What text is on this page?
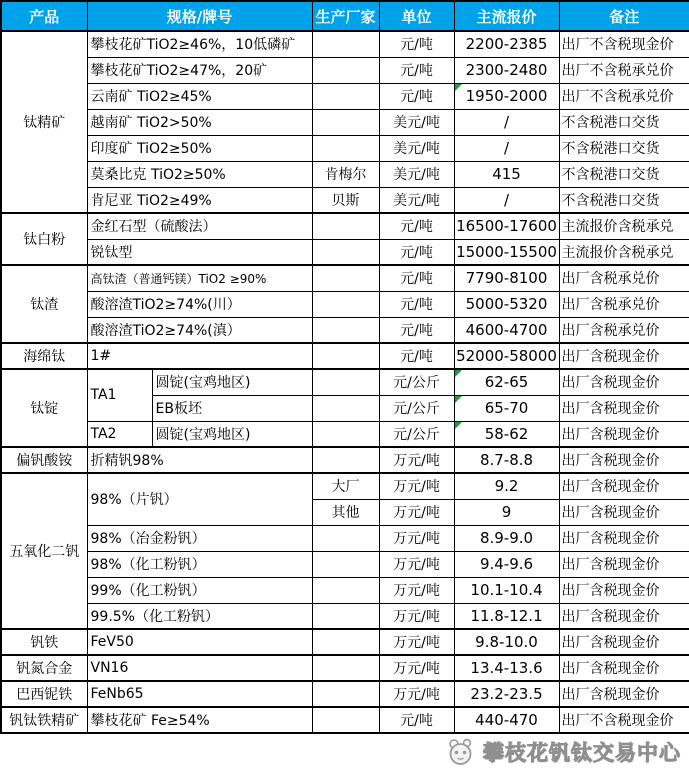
产品	规格/牌号		生产厂家	单位	主流报价	备注
钛精矿	攀枝花矿TiO2≥46%，10低磷矿			元/吨	2200-2385	出厂不含税现金价
	攀枝花矿TiO2≥47%，20矿			元/吨	2300-2480	出厂不含税承兑价
	云南矿 TiO2≥45%			元/吨	1950-2000	出厂不含税承兑价
	越南矿 TiO2>50%			美元/吨	/	不含税港口交货
	印度矿 TiO2≥50%			美元/吨	/	不含税港口交货
	莫桑比克 TiO2≥50%		肯梅尔	美元/吨	415	不含税港口交货
	肯尼亚 TiO2≥49%		贝斯	美元/吨	/	不含税港口交货
钛白粉	金红石型（硫酸法）			元/吨	16500-17600	主流报价含税承兑
	锐钛型			元/吨	15000-15500	主流报价含税承兑
钛渣	高钛渣（普通钙镁）TiO2 ≥90%			元/吨	7790-8100	出厂含税承兑价
	酸溶渣TiO2≥74%(川）			元/吨	5000-5320	出厂含税承兑价
	酸溶渣TiO2≥74%(滇）			元/吨	4600-4700	出厂含税承兑价
海绵钛	1#			元/吨	52000-58000	出厂含税现金价
钛锭	TA1	圆锭(宝鸡地区)		元/公斤	62-65	出厂含税现金价
		EB板坯		元/公斤	65-70	出厂含税现金价
	TA2	圆锭(宝鸡地区)		元/公斤	58-62	出厂含税现金价
偏钒酸铵	折精钒98%			万元/吨	8.7-8.8	出厂含税现金价
五氧化二钒	98%（片钒）		大厂	万元/吨	9.2	出厂含税现金价
			其他	万元/吨	9	出厂含税现金价
	98%（冶金粉钒）			万元/吨	8.9-9.0	出厂含税现金价
	98%（化工粉钒）			万元/吨	9.4-9.6	出厂含税现金价
	99%（化工粉钒）			万元/吨	10.1-10.4	出厂含税现金价
	99.5%（化工粉钒）			万元/吨	11.8-12.1	出厂含税现金价
钒铁	FeV50			万元/吨	9.8-10.0	出厂含税现金价
钒氮合金	VN16			万元/吨	13.4-13.6	出厂含税现金价
巴西铌铁	FeNb65			万元/吨	23.2-23.5	出厂含税现金价
钒钛铁精矿	攀枝花矿 Fe≥54%			元/吨	440-470	出厂不含税现金价
攀枝花钒钛交易中心
